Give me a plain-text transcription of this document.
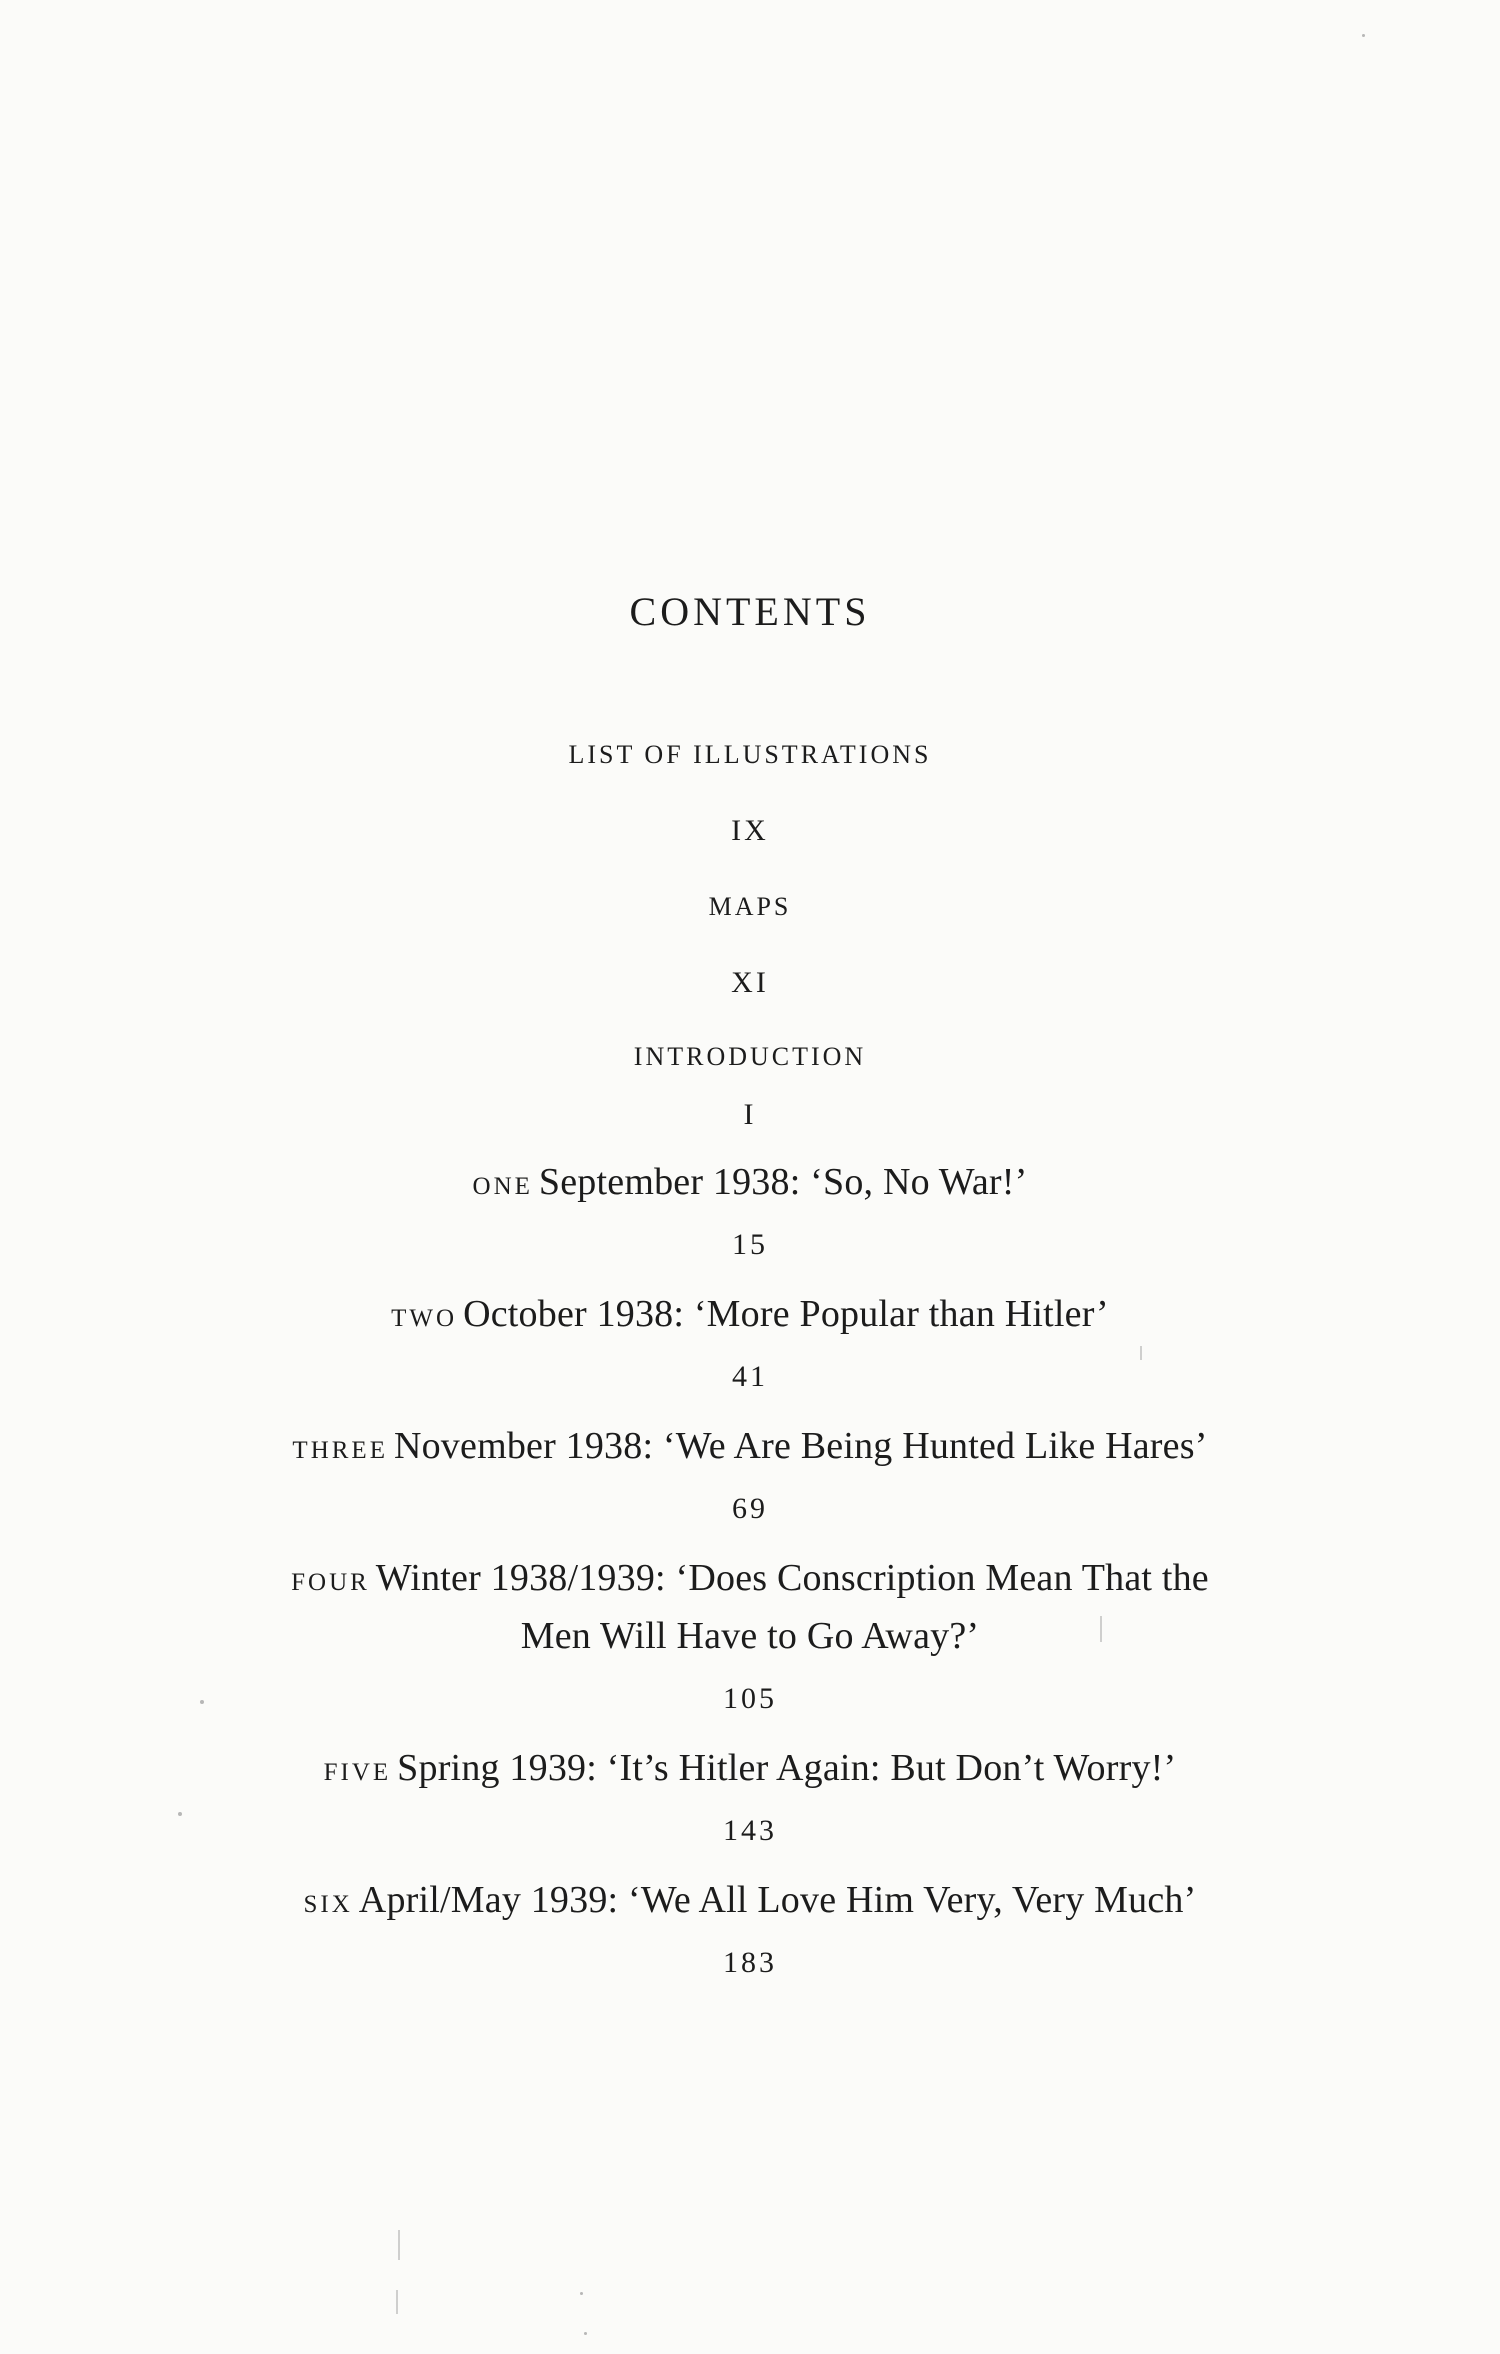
CONTENTS
LIST OF ILLUSTRATIONS
IX
MAPS
XI
INTRODUCTION
I
ONE September 1938: ‘So, No War!’
15
TWO October 1938: ‘More Popular than Hitler’
41
THREE November 1938: ‘We Are Being Hunted Like Hares’
69
FOUR Winter 1938/1939: ‘Does Conscription Mean That the
Men Will Have to Go Away?’
105
FIVE Spring 1939: ‘It’s Hitler Again: But Don’t Worry!’
143
SIX April/May 1939: ‘We All Love Him Very, Very Much’
183
